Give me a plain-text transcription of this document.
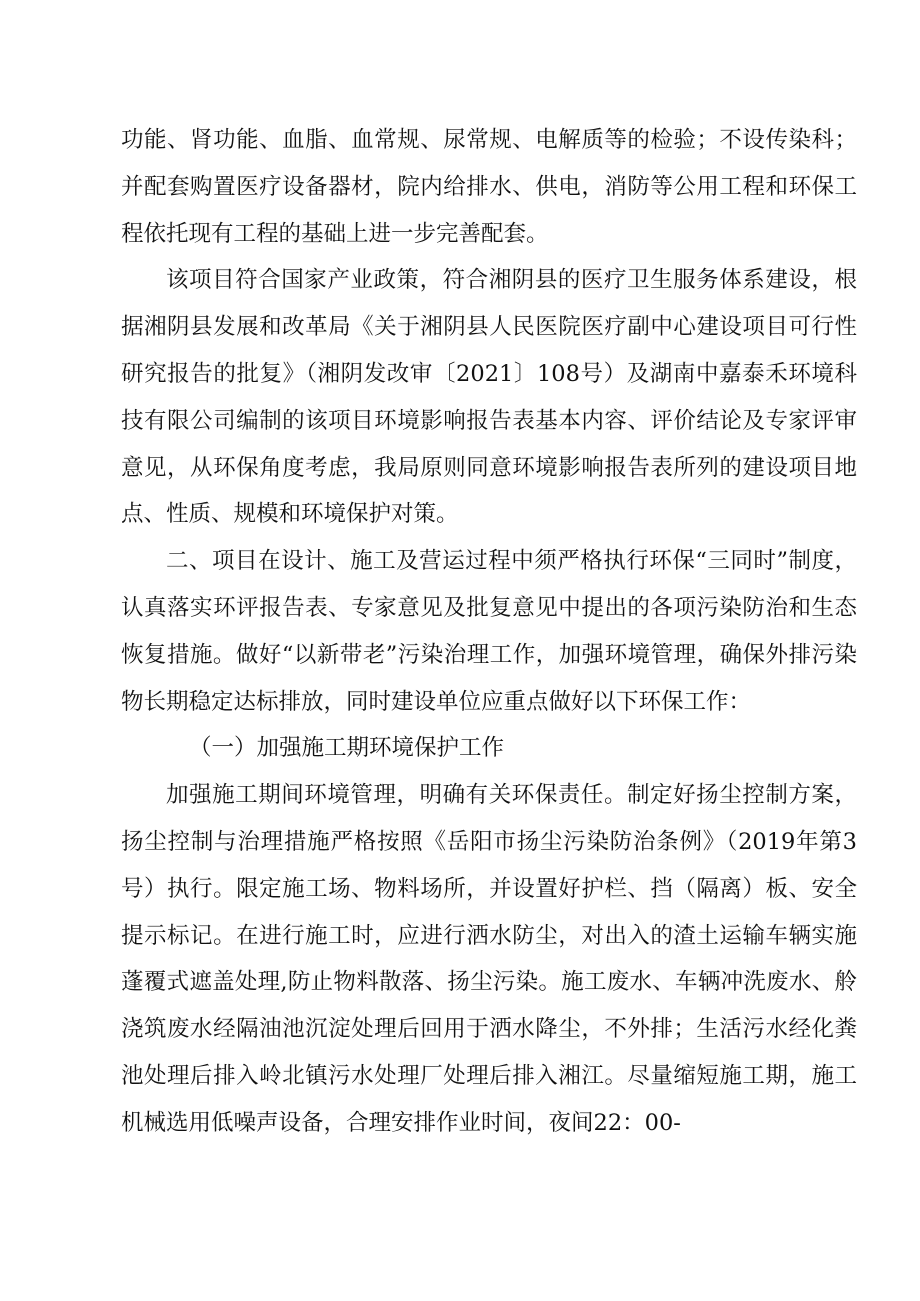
功能、肾功能、血脂、血常规、尿常规、电解质等的检验；不设传染科；并配套购置医疗设备器材，院内给排水、供电，消防等公用工程和环保工程依托现有工程的基础上进一步完善配套。

该项目符合国家产业政策，符合湘阴县的医疗卫生服务体系建设，根据湘阴县发展和改革局《关于湘阴县人民医院医疗副中心建设项目可行性研究报告的批复》（湘阴发改审〔2021〕108号）及湖南中嘉泰禾环境科技有限公司编制的该项目环境影响报告表基本内容、评价结论及专家评审意见，从环保角度考虑，我局原则同意环境影响报告表所列的建设项目地点、性质、规模和环境保护对策。

二、项目在设计、施工及营运过程中须严格执行环保“三同时”制度，认真落实环评报告表、专家意见及批复意见中提出的各项污染防治和生态恢复措施。做好“以新带老”污染治理工作，加强环境管理，确保外排污染物长期稳定达标排放，同时建设单位应重点做好以下环保工作：

（一）加强施工期环境保护工作

加强施工期间环境管理，明确有关环保责任。制定好扬尘控制方案，扬尘控制与治理措施严格按照《岳阳市扬尘污染防治条例》（2019年第3号）执行。限定施工场、物料场所，并设置好护栏、挡（隔离）板、安全提示标记。在进行施工时，应进行洒水防尘，对出入的渣土运输车辆实施蓬覆式遮盖处理,防止物料散落、扬尘污染。施工废水、车辆冲洗废水、舲浇筑废水经隔油池沉淀处理后回用于洒水降尘，不外排；生活污水经化粪池处理后排入岭北镇污水处理厂处理后排入湘江。尽量缩短施工期，施工机械选用低噪声设备，合理安排作业时间，夜间22：00-
